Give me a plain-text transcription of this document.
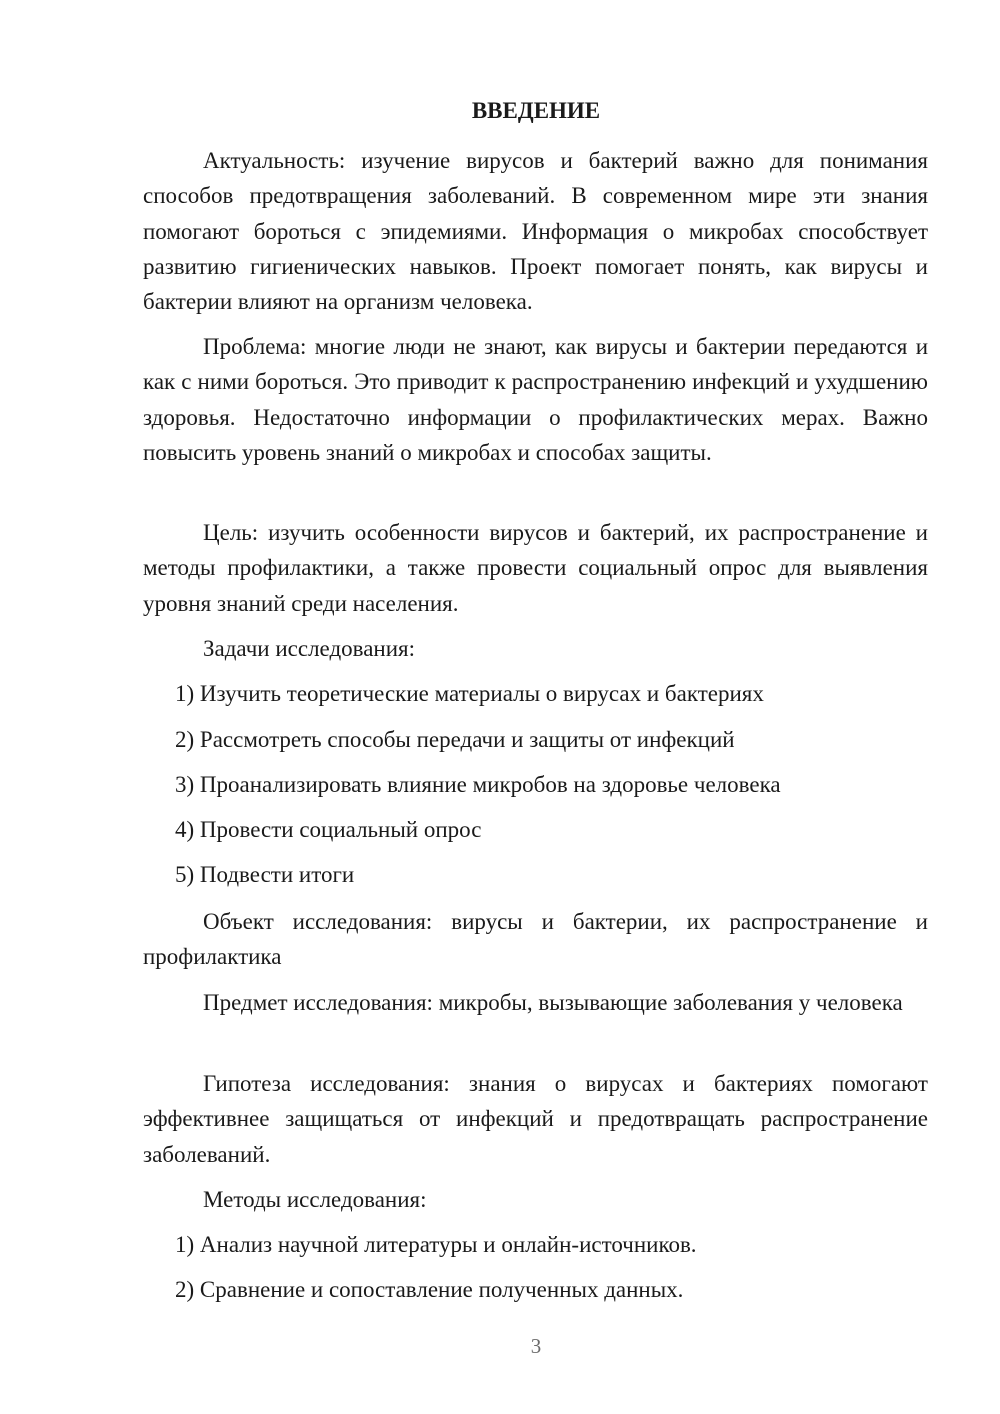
ВВЕДЕНИЕ

Актуальность: изучение вирусов и бактерий важно для понимания способов предотвращения заболеваний. В современном мире эти знания помогают бороться с эпидемиями. Информация о микробах способствует развитию гигиенических навыков. Проект помогает понять, как вирусы и бактерии влияют на организм человека.

Проблема: многие люди не знают, как вирусы и бактерии передаются и как с ними бороться. Это приводит к распространению инфекций и ухудшению здоровья. Недостаточно информации о профилактических мерах. Важно повысить уровень знаний о микробах и способах защиты.

Цель: изучить особенности вирусов и бактерий, их распространение и методы профилактики, а также провести социальный опрос для выявления уровня знаний среди населения.

Задачи исследования:
1) Изучить теоретические материалы о вирусах и бактериях
2) Рассмотреть способы передачи и защиты от инфекций
3) Проанализировать влияние микробов на здоровье человека
4) Провести социальный опрос
5) Подвести итоги

Объект исследования: вирусы и бактерии, их распространение и профилактика

Предмет исследования: микробы, вызывающие заболевания у человека

Гипотеза исследования: знания о вирусах и бактериях помогают эффективнее защищаться от инфекций и предотвращать распространение заболеваний.

Методы исследования:
1) Анализ научной литературы и онлайн-источников.
2) Сравнение и сопоставление полученных данных.
3
